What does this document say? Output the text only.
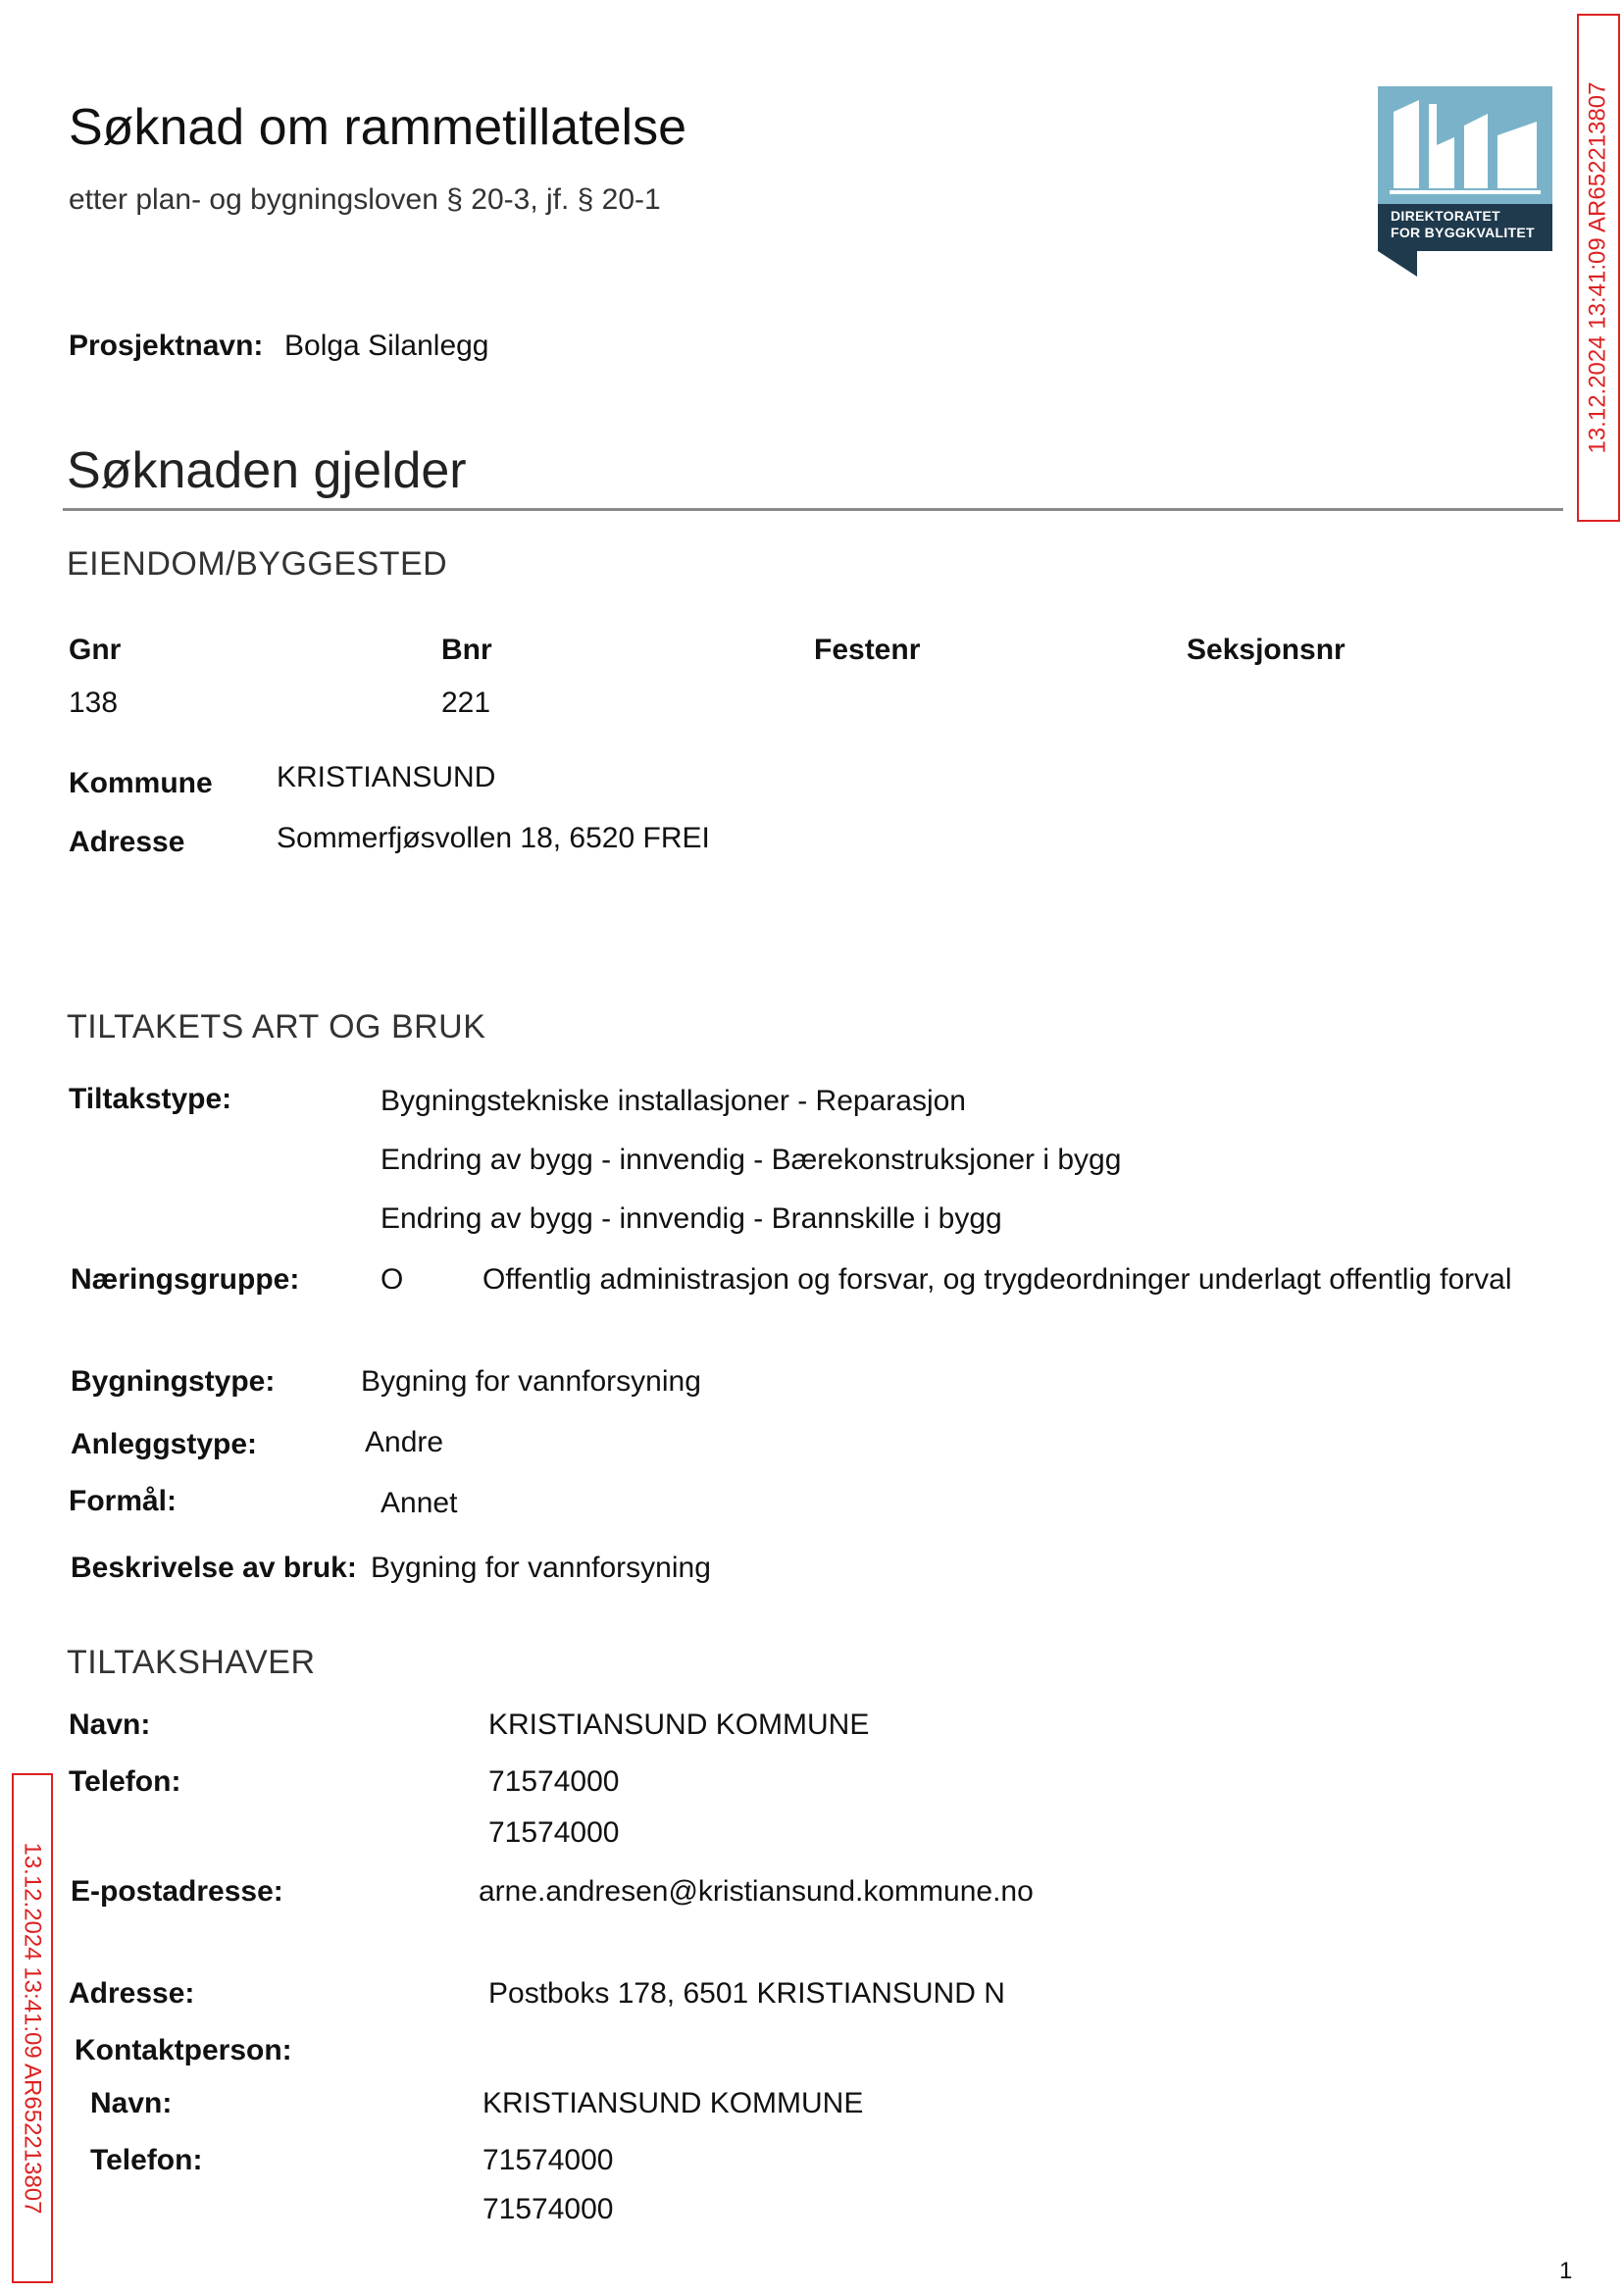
Søknad om rammetillatelse
etter plan- og bygningsloven § 20-3, jf. § 20-1	DIREKTORATET
FOR BYGGKVALITET 13.12.2024 13:41:09 AR652213807
Prosjektnavn: Bolga Silanlegg
Søknaden gjelder
EIENDOM/BYGGESTED
Gnr	Bnr	Festenr	Seksjonsnr
138	221
Kommune KRISTIANSUND
Adresse	Sommerfjøsvollen 18, 6520 FREI
TILTAKETS ART OG BRUK
Tiltakstype:	Bygningstekniske installasjoner - Reparasjon
Endring av bygg - innvendig - Bærekonstruksjoner i bygg
Endring av bygg - innvendig - Brannskille i bygg
Næringsgruppe:	O	Offentlig administrasjon og forsvar, og trygdeordninger underlagt offentlig forval
Bygningstype:	Bygning for vannforsyning
Anleggstype:	Andre
Formål:	Annet
Beskrivelse av bruk: Bygning for vannforsyning
TILTAKSHAVER
Navn:	KRISTIANSUND KOMMUNE
Telefon:	71574000
71574000
E-postadresse:	arne.andresen@kristiansund.kommune.no
Adresse:	Postboks 178, 6501 KRISTIANSUND N
Kontaktperson:
Navn:	KRISTIANSUND KOMMUNE
Telefon:	71574000
71574000
13.12.2024 13:41:09 AR652213807
1
